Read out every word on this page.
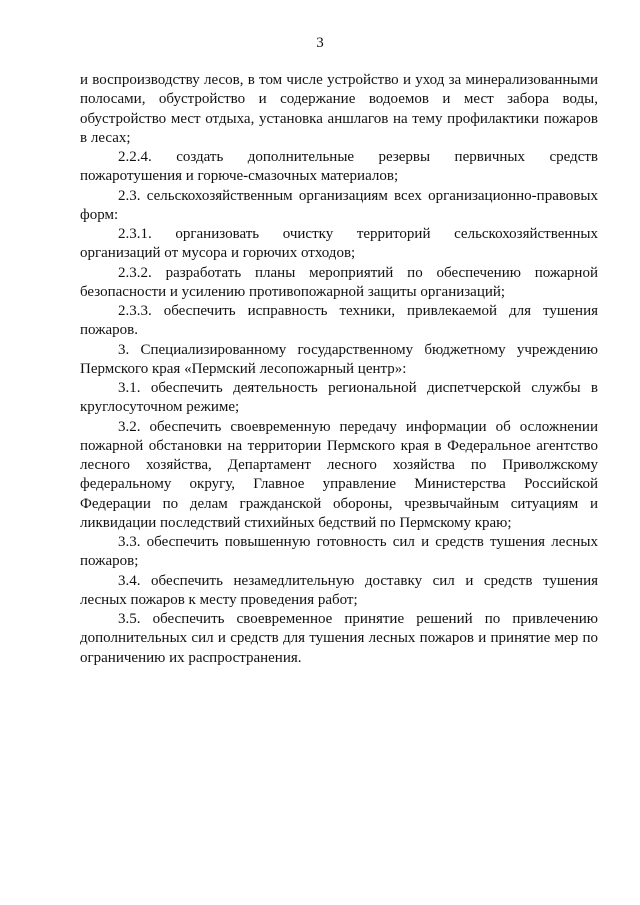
3

и воспроизводству лесов, в том числе устройство и уход за минерализованными полосами, обустройство и содержание водоемов и мест забора воды, обустройство мест отдыха, установка аншлагов на тему профилактики пожаров в лесах;

2.2.4. создать дополнительные резервы первичных средств пожаротушения и горюче-смазочных материалов;

2.3. сельскохозяйственным организациям всех организационно-правовых форм:

2.3.1. организовать очистку территорий сельскохозяйственных организаций от мусора и горючих отходов;

2.3.2. разработать планы мероприятий по обеспечению пожарной безопасности и усилению противопожарной защиты организаций;

2.3.3. обеспечить исправность техники, привлекаемой для тушения пожаров.

3. Специализированному государственному бюджетному учреждению Пермского края «Пермский лесопожарный центр»:

3.1. обеспечить деятельность региональной диспетчерской службы в круглосуточном режиме;

3.2. обеспечить своевременную передачу информации об осложнении пожарной обстановки на территории Пермского края в Федеральное агентство лесного хозяйства, Департамент лесного хозяйства по Приволжскому федеральному округу, Главное управление Министерства Российской Федерации по делам гражданской обороны, чрезвычайным ситуациям и ликвидации последствий стихийных бедствий по Пермскому краю;

3.3. обеспечить повышенную готовность сил и средств тушения лесных пожаров;

3.4. обеспечить незамедлительную доставку сил и средств тушения лесных пожаров к месту проведения работ;

3.5. обеспечить своевременное принятие решений по привлечению дополнительных сил и средств для тушения лесных пожаров и принятие мер по ограничению их распространения.
